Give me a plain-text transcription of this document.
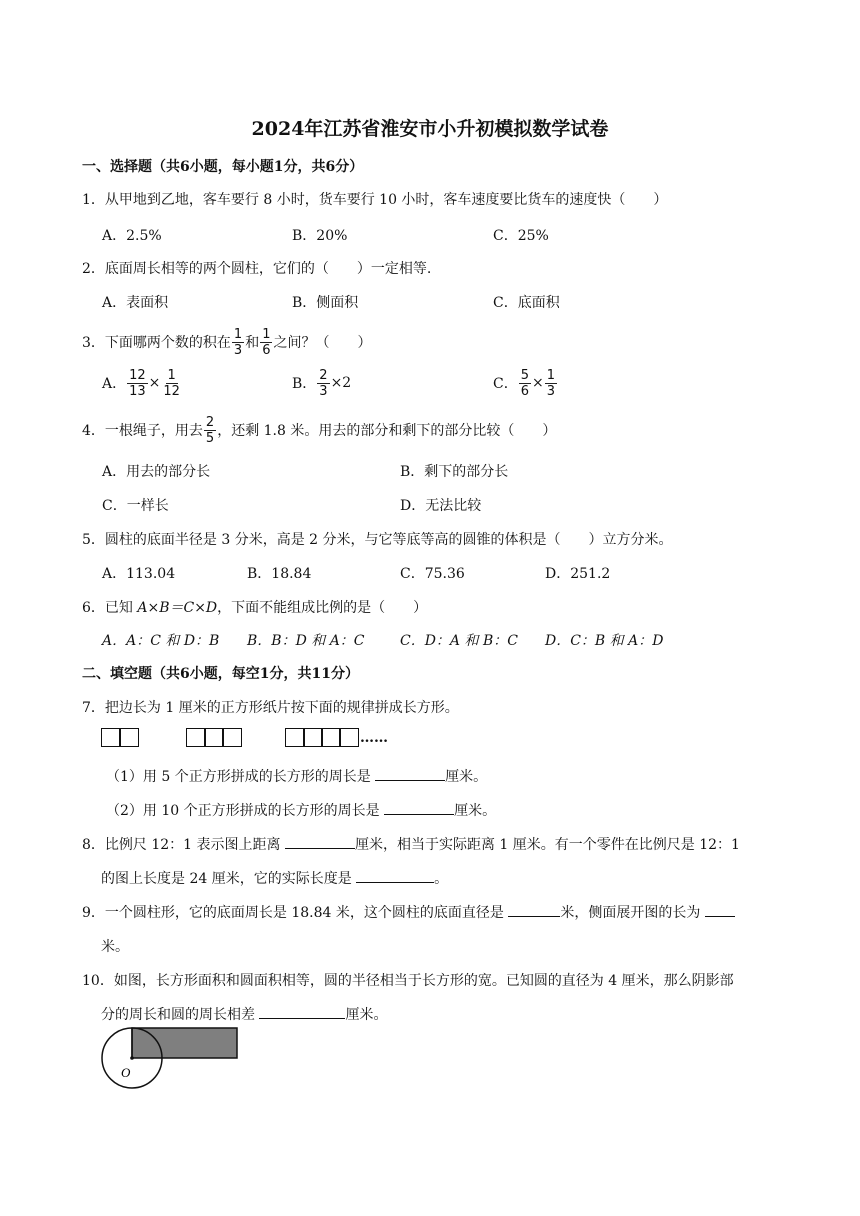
2024年江苏省淮安市小升初模拟数学试卷
一、选择题（共6小题，每小题1分，共6分）
1．从甲地到乙地，客车要行 8 小时，货车要行 10 小时，客车速度要比货车的速度快（　　）
A．2.5%	B．20%	C．25%
2．底面周长相等的两个圆柱，它们的（　　）一定相等.
A．表面积	B．侧面积	C．底面积
3．下面哪两个数的积在 $\frac{1}{3}$ 和 $\frac{1}{6}$ 之间？（　　）
A． $\frac{12}{13} \times \frac{1}{12}$	B． $\frac{2}{3} \times 2$	C． $\frac{5}{6} \times \frac{1}{3}$
4．一根绳子，用去 $\frac{2}{5}$ ，还剩 1.8 米。用去的部分和剩下的部分比较（　　）
A．用去的部分长	B．剩下的部分长
C．一样长	D．无法比较
5．圆柱的底面半径是 3 分米，高是 2 分米，与它等底等高的圆锥的体积是（　　）立方分米。
A．113.04	B．18.84	C．75.36	D．251.2
6．已知 A×B＝C×D，下面不能组成比例的是（　　）
A．A：C 和 D：B B．B：D 和 A：C	C．D：A 和 B：C D．C：B 和 A：D
二、填空题（共6小题，每空1分，共11分）
7．把边长为 1 厘米的正方形纸片按下面的规律拼成长方形。
……
（1）用 5 个正方形拼成的长方形的周长是	厘米。
（2）用 10 个正方形拼成的长方形的周长是	厘米。
8．比例尺 12：1 表示图上距离	厘米，相当于实际距离 1 厘米。有一个零件在比例尺是 12：1
的图上长度是 24 厘米，它的实际长度是	。
9．一个圆柱形，它的底面周长是 18.84 米，这个圆柱的底面直径是	米，侧面展开图的长为
米。
10．如图，长方形面积和圆面积相等，圆的半径相当于长方形的宽。已知圆的直径为 4 厘米，那么阴影部
分的周长和圆的周长相差	厘米。
O
